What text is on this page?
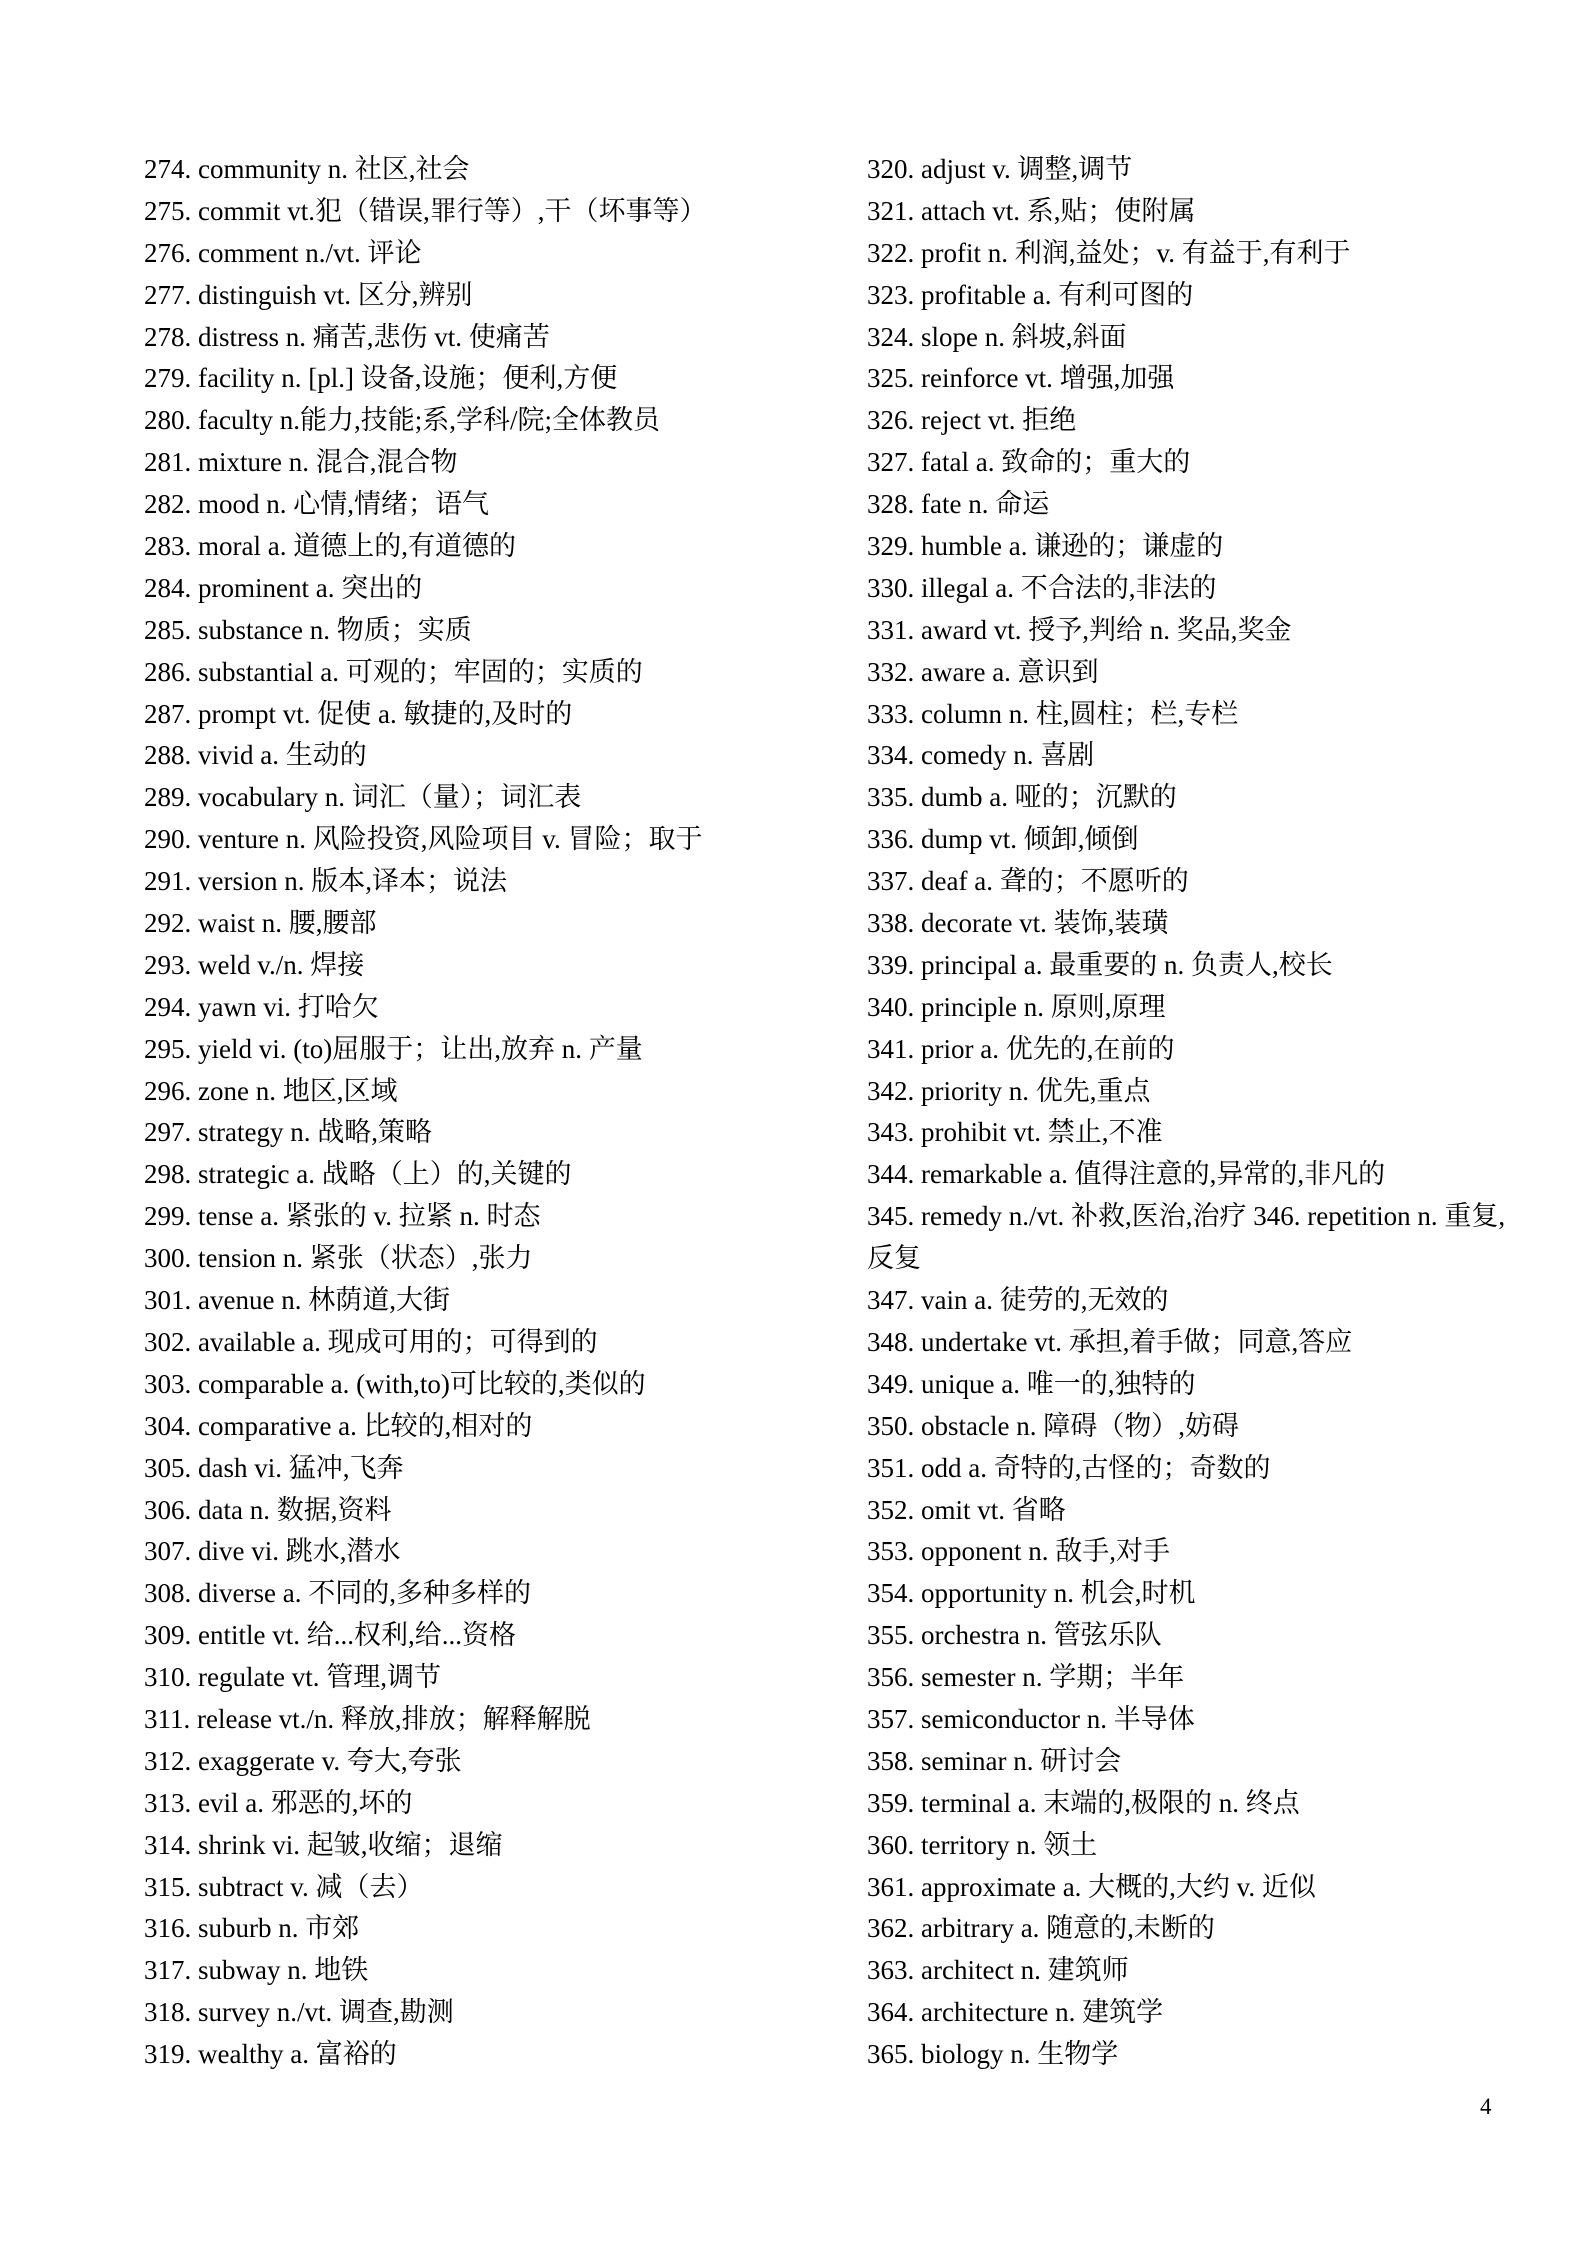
274. community n. 社区,社会
275. commit vt.犯（错误,罪行等）,干（坏事等）
276. comment n./vt. 评论
277. distinguish vt. 区分,辨别
278. distress n. 痛苦,悲伤 vt. 使痛苦
279. facility n. [pl.] 设备,设施；便利,方便
280. faculty n.能力,技能;系,学科/院;全体教员
281. mixture n. 混合,混合物
282. mood n. 心情,情绪；语气
283. moral a. 道德上的,有道德的
284. prominent a. 突出的
285. substance n. 物质；实质
286. substantial a. 可观的；牢固的；实质的
287. prompt vt. 促使 a. 敏捷的,及时的
288. vivid a. 生动的
289. vocabulary n. 词汇（量）；词汇表
290. venture n. 风险投资,风险项目 v. 冒险；取于
291. version n. 版本,译本；说法
292. waist n. 腰,腰部
293. weld v./n. 焊接
294. yawn vi. 打哈欠
295. yield vi. (to)屈服于；让出,放弃 n. 产量
296. zone n. 地区,区域
297. strategy n. 战略,策略
298. strategic a. 战略（上）的,关键的
299. tense a. 紧张的 v. 拉紧 n. 时态
300. tension n. 紧张（状态）,张力
301. avenue n. 林荫道,大街
302. available a. 现成可用的；可得到的
303. comparable a. (with,to)可比较的,类似的
304. comparative a. 比较的,相对的
305. dash vi. 猛冲,飞奔
306. data n. 数据,资料
307. dive vi. 跳水,潜水
308. diverse a. 不同的,多种多样的
309. entitle vt. 给...权利,给...资格
310. regulate vt. 管理,调节
311. release vt./n. 释放,排放；解释解脱
312. exaggerate v. 夸大,夸张
313. evil a. 邪恶的,坏的
314. shrink vi. 起皱,收缩；退缩
315. subtract v. 减（去）
316. suburb n. 市郊
317. subway n. 地铁
318. survey n./vt. 调查,勘测
319. wealthy a. 富裕的
320. adjust v. 调整,调节
321. attach vt. 系,贴；使附属
322. profit n. 利润,益处；v. 有益于,有利于
323. profitable a. 有利可图的
324. slope n. 斜坡,斜面
325. reinforce vt. 增强,加强
326. reject vt. 拒绝
327. fatal a. 致命的；重大的
328. fate n. 命运
329. humble a. 谦逊的；谦虚的
330. illegal a. 不合法的,非法的
331. award vt. 授予,判给 n. 奖品,奖金
332. aware a. 意识到
333. column n. 柱,圆柱；栏,专栏
334. comedy n. 喜剧
335. dumb a. 哑的；沉默的
336. dump vt. 倾卸,倾倒
337. deaf a. 聋的；不愿听的
338. decorate vt. 装饰,装璜
339. principal a. 最重要的 n. 负责人,校长
340. principle n. 原则,原理
341. prior a. 优先的,在前的
342. priority n. 优先,重点
343. prohibit vt. 禁止,不准
344. remarkable a. 值得注意的,异常的,非凡的
345. remedy n./vt. 补救,医治,治疗 346. repetition n. 重复,反复
347. vain a. 徒劳的,无效的
348. undertake vt. 承担,着手做；同意,答应
349. unique a. 唯一的,独特的
350. obstacle n. 障碍（物）,妨碍
351. odd a. 奇特的,古怪的；奇数的
352. omit vt. 省略
353. opponent n. 敌手,对手
354. opportunity n. 机会,时机
355. orchestra n. 管弦乐队
356. semester n. 学期；半年
357. semiconductor n. 半导体
358. seminar n. 研讨会
359. terminal a. 末端的,极限的 n. 终点
360. territory n. 领土
361. approximate a. 大概的,大约 v. 近似
362. arbitrary a. 随意的,未断的
363. architect n. 建筑师
364. architecture n. 建筑学
365. biology n. 生物学
4
